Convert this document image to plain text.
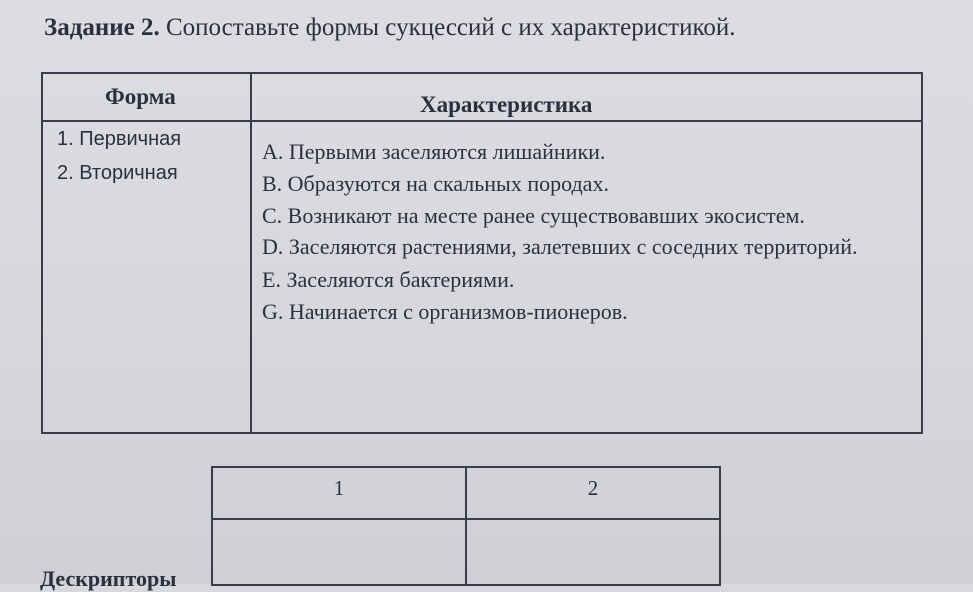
Задание 2. Сопоставьте формы сукцессий с их характеристикой.
Форма	Характеристика
1. Первичная
2. Вторичная
А. Первыми заселяются лишайники.
В. Образуются на скальных породах.
С. Возникают на месте ранее существовавших экосистем.
D. Заселяются растениями, залетевших с соседних территорий.
Е. Заселяются бактериями.
G. Начинается с организмов-пионеров.
1	2

Дескрипторы
